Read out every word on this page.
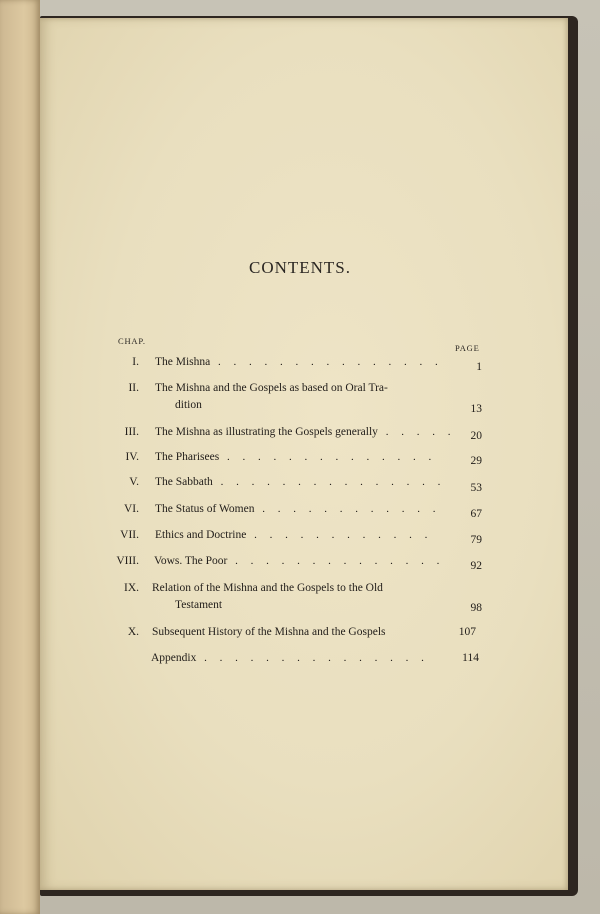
CONTENTS.
CHAP.
PAGE
I. The Mishna . . .	1
II. The Mishna and the Gospels as based on Oral Tra-
dition	13
III. The Mishna as illustrating the Gospels generally . . .	20
IV. The Pharisees . . .	29
V. The Sabbath . . .	53
VI. The Status of Women . . .	67
VII. Ethics and Doctrine . . .	79
VIII. Vows. The Poor . . .	92
IX. Relation of the Mishna and the Gospels to the Old
Testament	98
X. Subsequent History of the Mishna and the Gospels	107
Appendix . . .	114
